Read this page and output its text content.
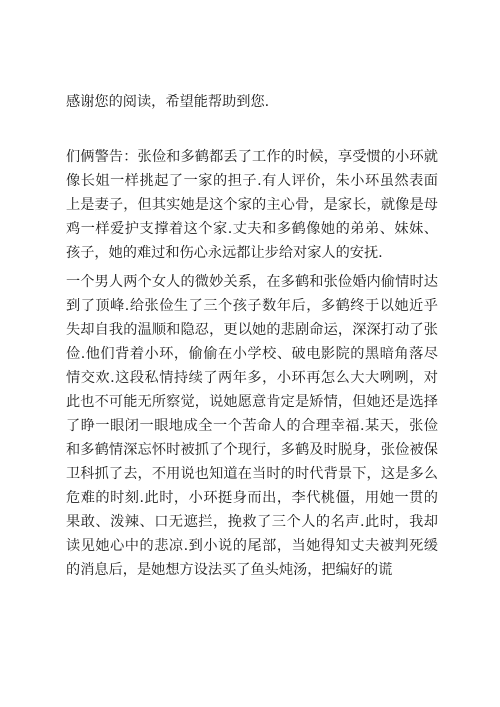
感谢您的阅读，希望能帮助到您.

们俩警告：张俭和多鹤都丢了工作的时候，享受惯的小环就像长姐一样挑起了一家的担子.有人评价，朱小环虽然表面上是妻子，但其实她是这个家的主心骨，是家长，就像是母鸡一样爱护支撑着这个家.丈夫和多鹤像她的弟弟、妹妹、孩子，她的难过和伤心永远都让步给对家人的安抚.

一个男人两个女人的微妙关系，在多鹤和张俭婚内偷情时达到了顶峰.给张俭生了三个孩子数年后，多鹤终于以她近乎失却自我的温顺和隐忍，更以她的悲剧命运，深深打动了张俭.他们背着小环，偷偷在小学校、破电影院的黑暗角落尽情交欢.这段私情持续了两年多，小环再怎么大大咧咧，对此也不可能无所察觉，说她愿意肯定是矫情，但她还是选择了睁一眼闭一眼地成全一个苦命人的合理幸福.某天，张俭和多鹤情深忘怀时被抓了个现行，多鹤及时脱身，张俭被保卫科抓了去，不用说也知道在当时的时代背景下，这是多么危难的时刻.此时，小环挺身而出，李代桃僵，用她一贯的果敢、泼辣、口无遮拦，挽救了三个人的名声.此时，我却读见她心中的悲凉.到小说的尾部，当她得知丈夫被判死缓的消息后，是她想方设法买了鱼头炖汤，把编好的谎
